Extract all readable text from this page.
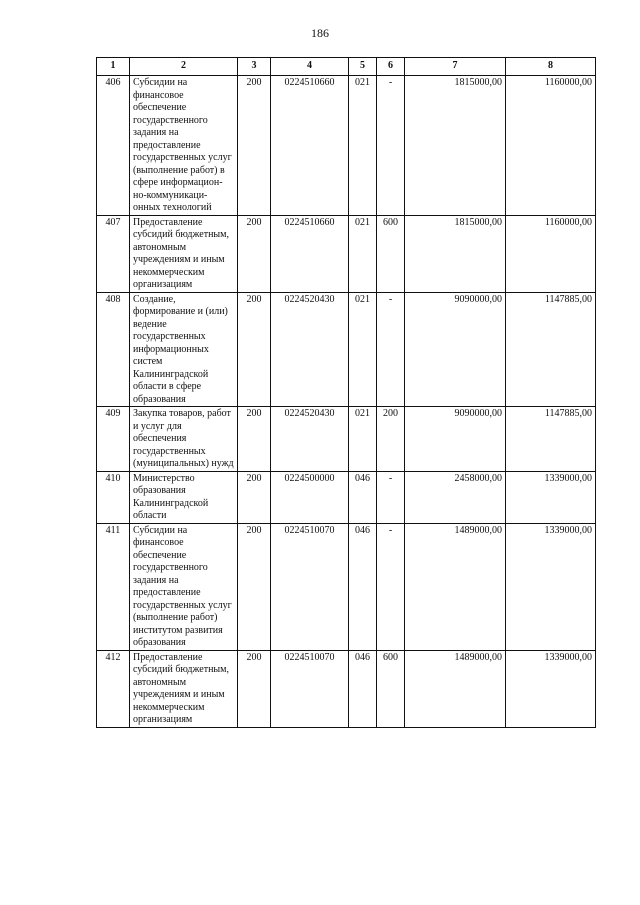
186
1	2	3	4	5	6	7	8
406	Субсидии на финансовое обеспечение государственного задания на предоставление государственных услуг (выполнение работ) в сфере информацион-но-коммуникаци-онных технологий	200	0224510660	021	-	1815000,00	1160000,00
407	Предоставление субсидий бюджетным, автономным учреждениям и иным некоммерческим организациям	200	0224510660	021	600	1815000,00	1160000,00
408	Создание, формирование и (или) ведение государственных информационных систем Калининградской области в сфере образования	200	0224520430	021	-	9090000,00	1147885,00
409	Закупка товаров, работ и услуг для обеспечения государственных (муниципальных) нужд	200	0224520430	021	200	9090000,00	1147885,00
410	Министерство образования Калининградской области	200	0224500000	046	-	2458000,00	1339000,00
411	Субсидии на финансовое обеспечение государственного задания на предоставление государственных услуг (выполнение работ) институтом развития образования	200	0224510070	046	-	1489000,00	1339000,00
412	Предоставление субсидий бюджетным, автономным учреждениям и иным некоммерческим организациям	200	0224510070	046	600	1489000,00	1339000,00
